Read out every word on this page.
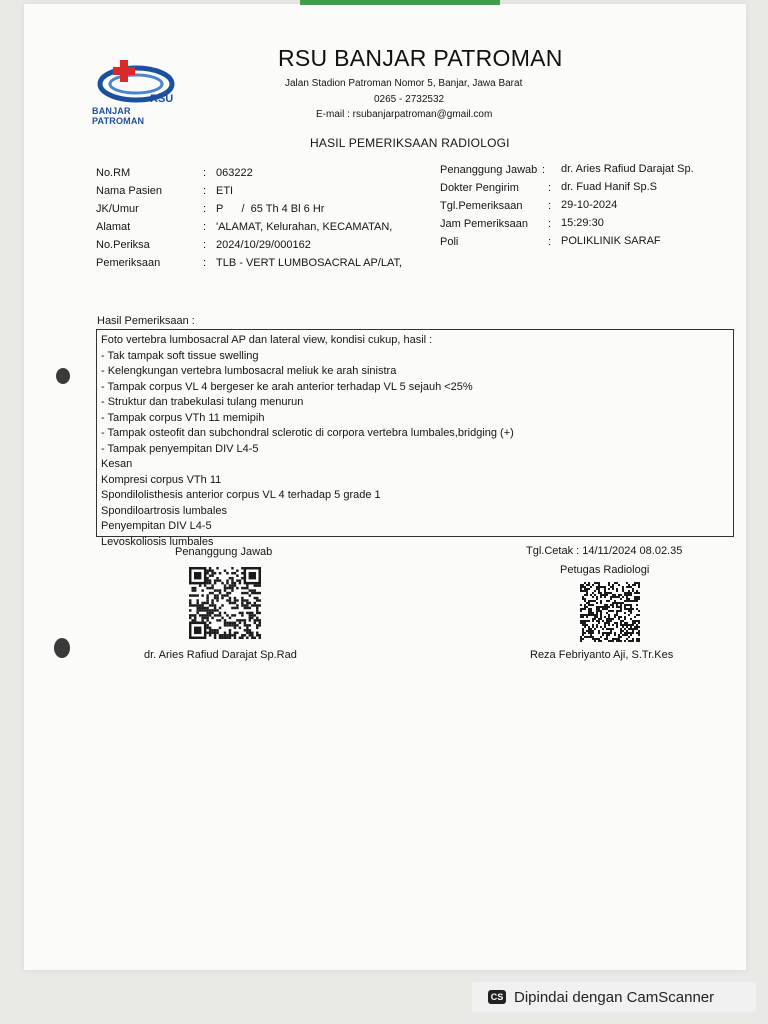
RSU
BANJAR PATROMAN
RSU BANJAR PATROMAN
Jalan Stadion Patroman Nomor 5, Banjar, Jawa Barat
0265 - 2732532
E-mail : rsubanjarpatroman@gmail.com
HASIL PEMERIKSAAN RADIOLOGI
No.RM	: 063222
Nama Pasien	: ETI
JK/Umur	: P      /  65 Th 4 Bl 6 Hr
Alamat	: 'ALAMAT, Kelurahan, KECAMATAN,
No.Periksa	: 2024/10/29/000162
Pemeriksaan	: TLB - VERT LUMBOSACRAL AP/LAT,
Penanggung Jawab : dr. Aries Rafiud Darajat Sp.
Dokter Pengirim	: dr. Fuad Hanif Sp.S
Tgl.Pemeriksaan : 29-10-2024
Jam Pemeriksaan : 15:29:30
Poli	: POLIKLINIK SARAF
Hasil Pemeriksaan :
Foto vertebra lumbosacral AP dan lateral view, kondisi cukup, hasil :
- Tak tampak soft tissue swelling
- Kelengkungan vertebra lumbosacral meliuk ke arah sinistra
- Tampak corpus VL 4 bergeser ke arah anterior terhadap VL 5 sejauh <25%
- Struktur dan trabekulasi tulang menurun
- Tampak corpus VTh 11 memipih
- Tampak osteofit dan subchondral sclerotic di corpora vertebra lumbales,bridging (+)
- Tampak penyempitan DIV L4-5
Kesan
Kompresi corpus VTh 11
Spondilolisthesis anterior corpus VL 4 terhadap 5 grade 1
Spondiloartrosis lumbales
Penyempitan DIV L4-5
Levoskoliosis lumbales
Penanggung Jawab
dr. Aries Rafiud Darajat Sp.Rad
Tgl.Cetak : 14/11/2024 08.02.35
Petugas Radiologi
Reza Febriyanto Aji, S.Tr.Kes
CS Dipindai dengan CamScanner
